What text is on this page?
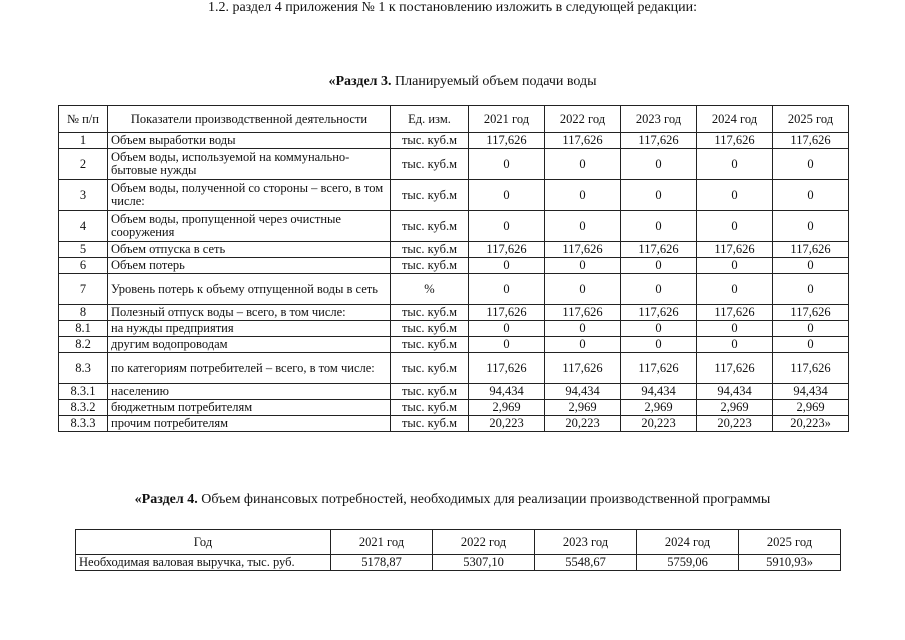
«Раздел 3. Планируемый объем подачи воды
№ п/п	Показатели производственной деятельности	Ед. изм.	2021 год	2022 год	2023 год	2024 год	2025 год
1	Объем выработки воды	тыс. куб.м	117,626	117,626	117,626	117,626	117,626
2	Объем воды, используемой на коммунально-бытовые нужды	тыс. куб.м	0	0	0	0	0
3	Объем воды, полученной со стороны – всего, в том числе:	тыс. куб.м	0	0	0	0	0
4	Объем воды, пропущенной через очистные сооружения	тыс. куб.м	0	0	0	0	0
5	Объем отпуска в сеть	тыс. куб.м	117,626	117,626	117,626	117,626	117,626
6	Объем потерь	тыс. куб.м	0	0	0	0	0
7	Уровень потерь к объему отпущенной воды в сеть	%	0	0	0	0	0
8	Полезный отпуск воды – всего, в том числе:	тыс. куб.м	117,626	117,626	117,626	117,626	117,626
8.1	на нужды предприятия	тыс. куб.м	0	0	0	0	0
8.2	другим водопроводам	тыс. куб.м	0	0	0	0	0
8.3	по категориям потребителей – всего, в том числе:	тыс. куб.м	117,626	117,626	117,626	117,626	117,626
8.3.1	населению	тыс. куб.м	94,434	94,434	94,434	94,434	94,434
8.3.2	бюджетным потребителям	тыс. куб.м	2,969	2,969	2,969	2,969	2,969
8.3.3	прочим потребителям	тыс. куб.м	20,223	20,223	20,223	20,223	20,223»
1.2. раздел 4 приложения № 1 к постановлению изложить в следующей редакции:
«Раздел 4. Объем финансовых потребностей, необходимых для реализации производственной программы
Год	2021 год	2022 год	2023 год	2024 год	2025 год
Необходимая валовая выручка, тыс. руб.	5178,87	5307,10	5548,67	5759,06	5910,93»
